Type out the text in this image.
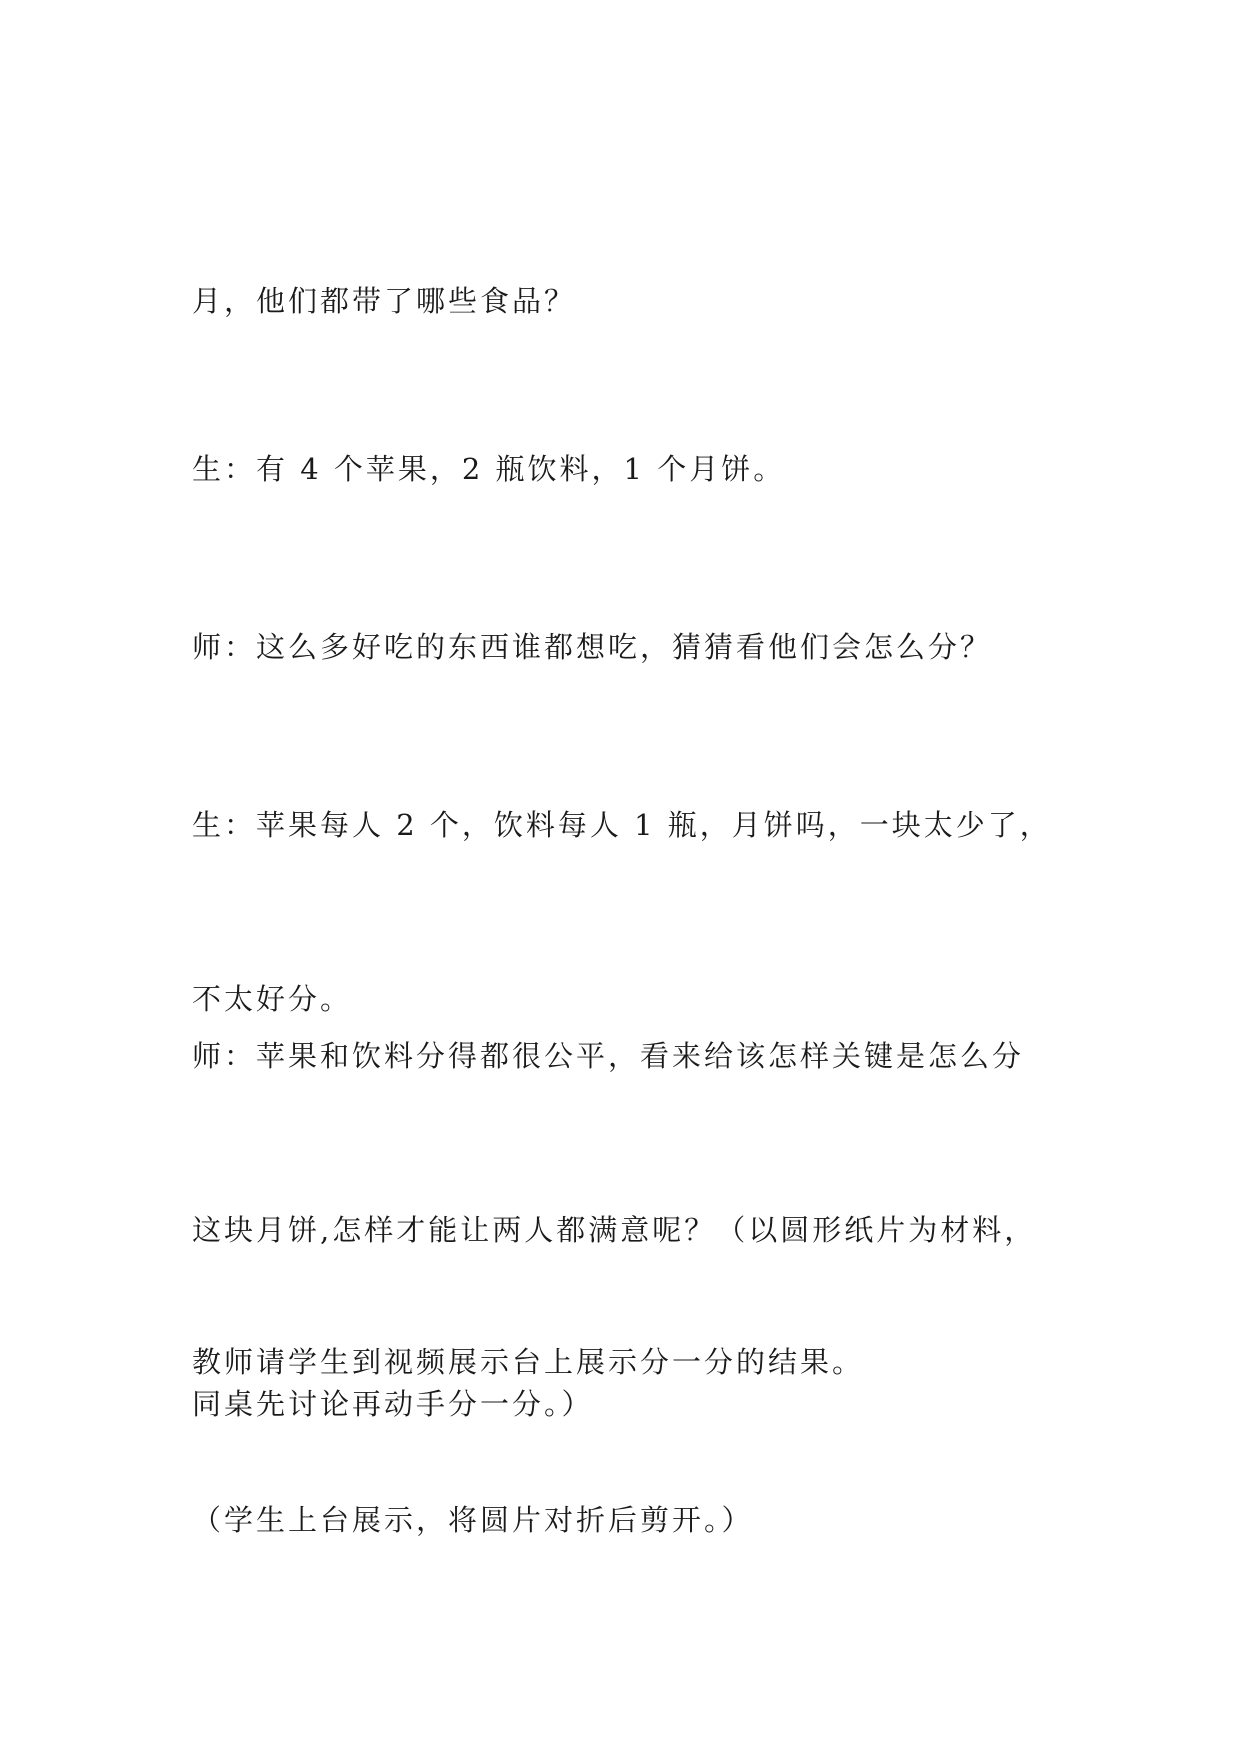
月，他们都带了哪些食品？

生：有 4 个苹果，2 瓶饮料，1 个月饼。

师：这么多好吃的东西谁都想吃，猜猜看他们会怎么分？

生：苹果每人 2 个，饮料每人 1 瓶，月饼吗，一块太少了，

不太好分。

师：苹果和饮料分得都很公平，看来给该怎样关键是怎么分

这块月饼,怎样才能让两人都满意呢？（以圆形纸片为材料，

同桌先讨论再动手分一分。）

教师请学生到视频展示台上展示分一分的结果。

（学生上台展示，将圆片对折后剪开。）
